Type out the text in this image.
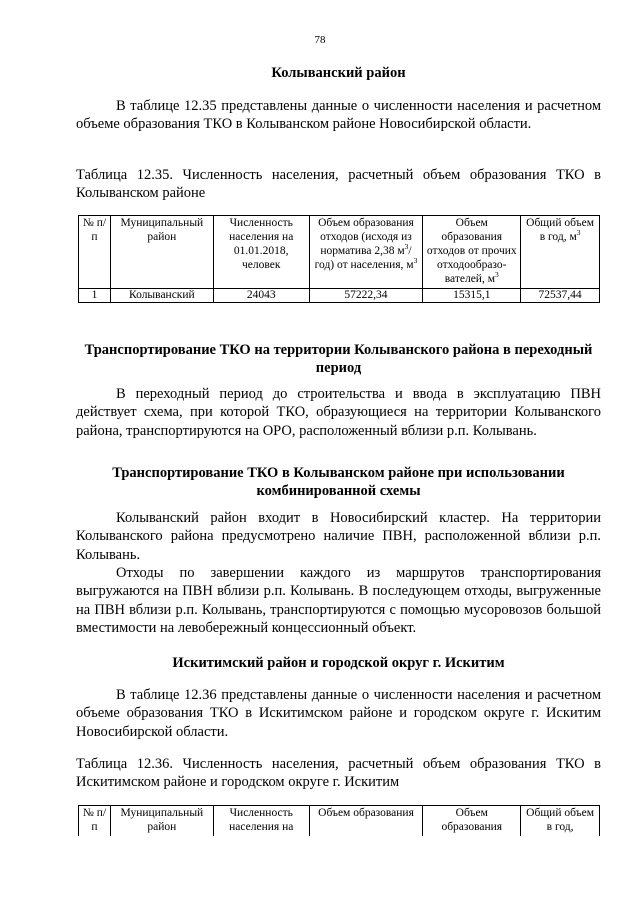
78
Колыванский район
В таблице 12.35 представлены данные о численности населения и расчетном объеме образования ТКО в Колыванском районе Новосибирской области.
Таблица 12.35. Численность населения, расчетный объем образования ТКО в Колыванском районе
№ п/п	Муниципальный район	Численность населения на 01.01.2018, человек	Объем образования отходов (исходя из норматива 2,38 $м^3/год$) от населения, $м^3$	Объем образования отходов от прочих отходообразо-вателей, $м^3$	Общий объем в год, $м^3$
1	Колыванский	24043	57222,34	15315,1	72537,44
Транспортирование ТКО на территории Колыванского района в переходный период
В переходный период до строительства и ввода в эксплуатацию ПВН действует схема, при которой ТКО, образующиеся на территории Колыванского района, транспортируются на ОРО, расположенный вблизи р.п. Колывань.
Транспортирование ТКО в Колыванском районе при использовании комбинированной схемы
Колыванский район входит в Новосибирский кластер. На территории Колыванского района предусмотрено наличие ПВН, расположенной вблизи р.п. Колывань.
Отходы по завершении каждого из маршрутов транспортирования выгружаются на ПВН вблизи р.п. Колывань. В последующем отходы, выгруженные на ПВН вблизи р.п. Колывань, транспортируются с помощью мусоровозов большой вместимости на левобережный концессионный объект.
Искитимский район и городской округ г. Искитим
В таблице 12.36 представлены данные о численности населения и расчетном объеме образования ТКО в Искитимском районе и городском округе г. Искитим Новосибирской области.
Таблица 12.36. Численность населения, расчетный объем образования ТКО в Искитимском районе и городском округе г. Искитим
№ п/п	Муниципальный район	Численность населения на	Объем образования	Объем образования	Общий объем в год,
